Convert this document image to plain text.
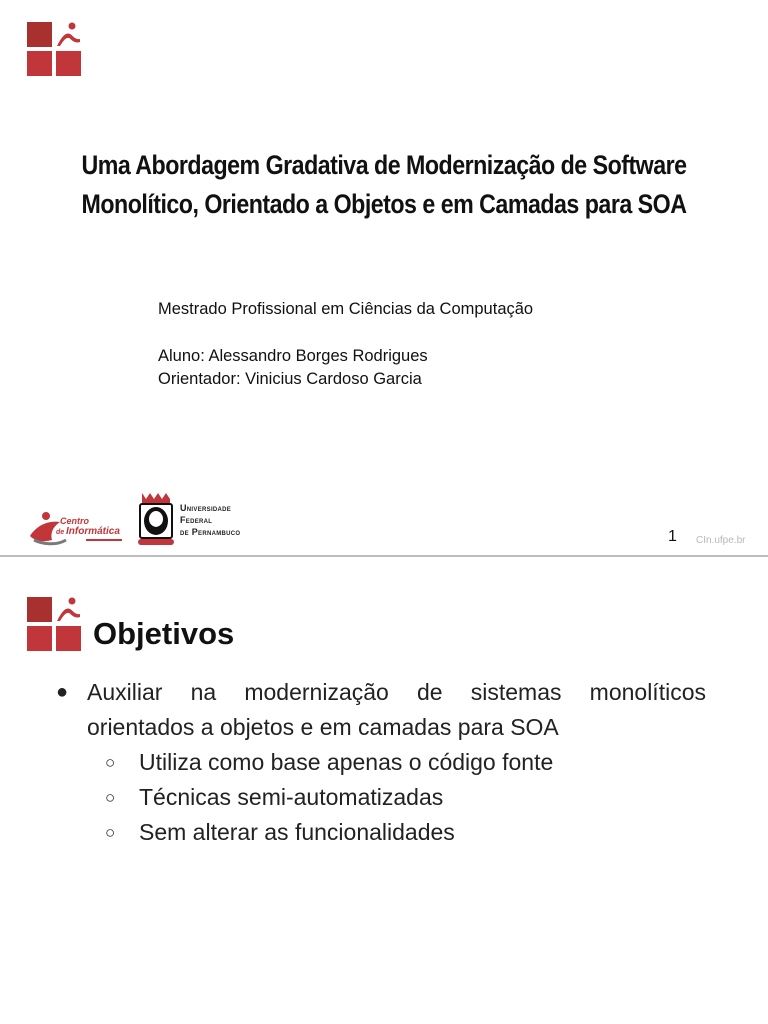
Uma Abordagem Gradativa de Modernização de Software
Monolítico, Orientado a Objetos e em Camadas para SOA
Mestrado Profissional em Ciências da Computação
Aluno: Alessandro Borges Rodrigues
Orientador: Vinicius Cardoso Garcia
Centro
de Informática
Universidade
Federal
de Pernambuco	1 CIn.ufpe.br
Objetivos
● Auxiliar na modernização de sistemas monolíticos orientados a objetos e em camadas para SOA
○ Utiliza como base apenas o código fonte
○ Técnicas semi-automatizadas
○ Sem alterar as funcionalidades
